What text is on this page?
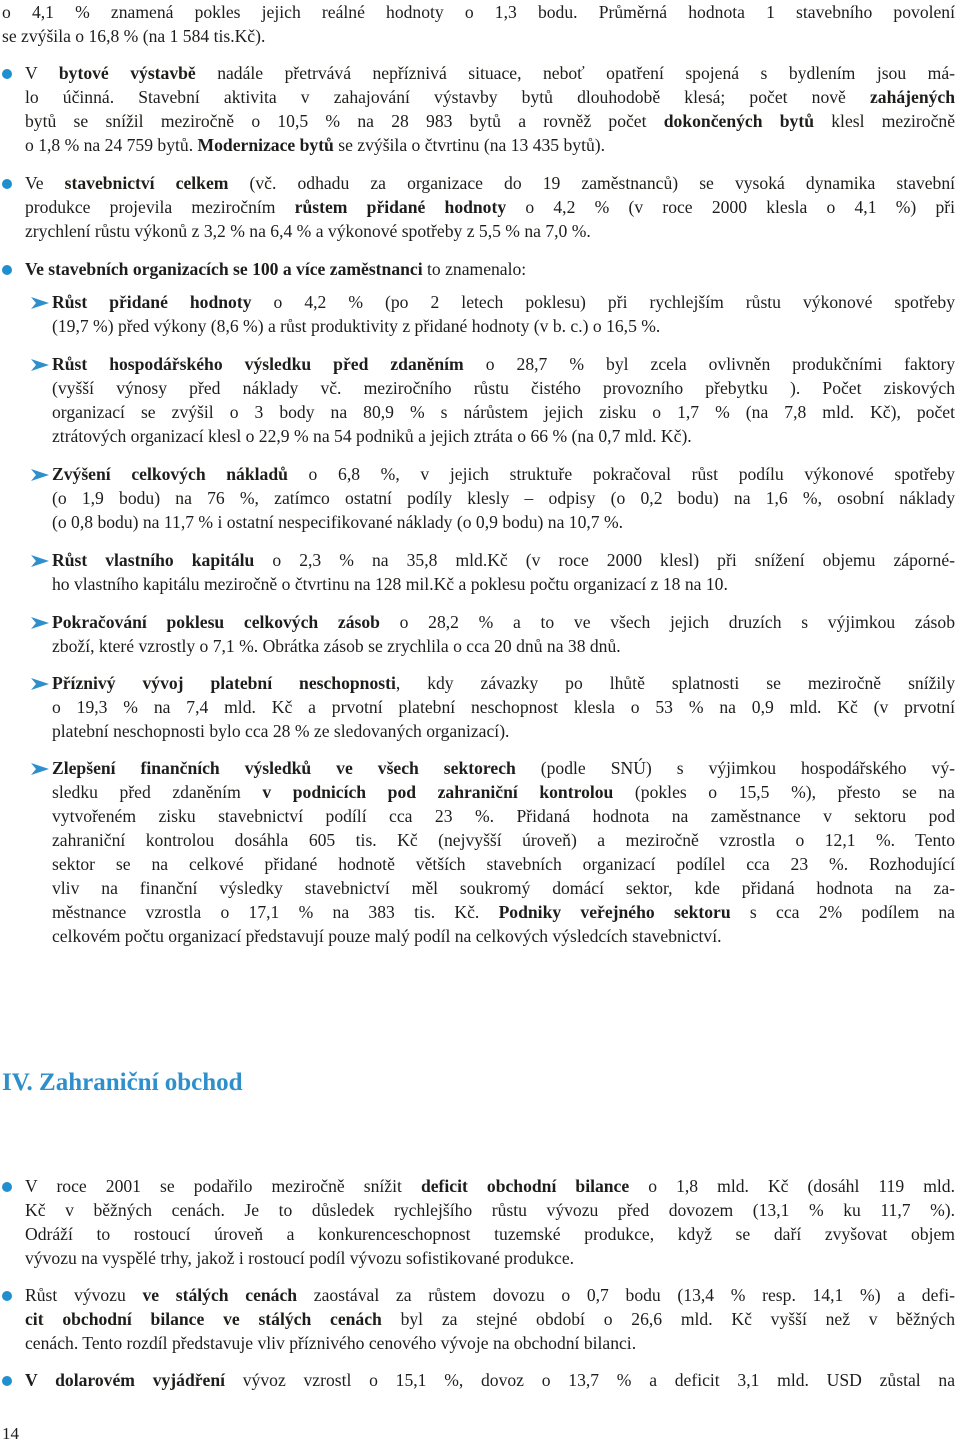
o 4,1 % znamená pokles jejich reálné hodnoty o 1,3 bodu. Průměrná hodnota 1 stavebního povolení
se zvýšila o 16,8 % (na 1 584 tis.Kč).
V bytové výstavbě nadále přetrvává nepříznivá situace, neboť opatření spojená s bydlením jsou má-
lo účinná. Stavební aktivita v zahajování výstavby bytů dlouhodobě klesá; počet nově zahájených
bytů se snížil meziročně o 10,5 % na 28 983 bytů a rovněž počet dokončených bytů klesl meziročně
o 1,8 % na 24 759 bytů. Modernizace bytů se zvýšila o čtvrtinu (na 13 435 bytů).
Ve stavebnictví celkem (vč. odhadu za organizace do 19 zaměstnanců) se vysoká dynamika stavební
produkce projevila meziročním růstem přidané hodnoty o 4,2 % (v roce 2000 klesla o 4,1 %) při
zrychlení růstu výkonů z 3,2 % na 6,4 % a výkonové spotřeby z 5,5 % na 7,0 %.
Ve stavebních organizacích se 100 a více zaměstnanci to znamenalo:
Růst přidané hodnoty o 4,2 % (po 2 letech poklesu) při rychlejším růstu výkonové spotřeby
(19,7 %) před výkony (8,6 %) a růst produktivity z přidané hodnoty (v b. c.) o 16,5 %.
Růst hospodářského výsledku před zdaněním o 28,7 % byl zcela ovlivněn produkčními faktory
(vyšší výnosy před náklady vč. meziročního růstu čistého provozního přebytku ). Počet ziskových
organizací se zvýšil o 3 body na 80,9 % s nárůstem jejich zisku o 1,7 % (na 7,8 mld. Kč), počet
ztrátových organizací klesl o 22,9 % na 54 podniků a jejich ztráta o 66 % (na 0,7 mld. Kč).
Zvýšení celkových nákladů o 6,8 %, v jejich struktuře pokračoval růst podílu výkonové spotřeby
(o 1,9 bodu) na 76 %, zatímco ostatní podíly klesly – odpisy (o 0,2 bodu) na 1,6 %, osobní náklady
(o 0,8 bodu) na 11,7 % i ostatní nespecifikované náklady (o 0,9 bodu) na 10,7 %.
Růst vlastního kapitálu o 2,3 % na 35,8 mld.Kč (v roce 2000 klesl) při snížení objemu záporné-
ho vlastního kapitálu meziročně o čtvrtinu na 128 mil.Kč a poklesu počtu organizací z 18 na 10.
Pokračování poklesu celkových zásob o 28,2 % a to ve všech jejich druzích s výjimkou zásob
zboží, které vzrostly o 7,1 %. Obrátka zásob se zrychlila o cca 20 dnů na 38 dnů.
Příznivý vývoj platební neschopnosti, kdy závazky po lhůtě splatnosti se meziročně snížily
o 19,3 % na 7,4 mld. Kč a prvotní platební neschopnost klesla o 53 % na 0,9 mld. Kč (v prvotní
platební neschopnosti bylo cca 28 % ze sledovaných organizací).
Zlepšení finančních výsledků ve všech sektorech (podle SNÚ) s výjimkou hospodářského vý-
sledku před zdaněním v podnicích pod zahraniční kontrolou (pokles o 15,5 %), přesto se na
vytvořeném zisku stavebnictví podílí cca 23 %. Přidaná hodnota na zaměstnance v sektoru pod
zahraniční kontrolou dosáhla 605 tis. Kč (nejvyšší úroveň) a meziročně vzrostla o 12,1 %. Tento
sektor se na celkové přidané hodnotě větších stavebních organizací podílel cca 23 %. Rozhodující
vliv na finanční výsledky stavebnictví měl soukromý domácí sektor, kde přidaná hodnota na za-
městnance vzrostla o 17,1 % na 383 tis. Kč. Podniky veřejného sektoru s cca 2% podílem na
celkovém počtu organizací představují pouze malý podíl na celkových výsledcích stavebnictví.
IV. Zahraniční obchod
V roce 2001 se podařilo meziročně snížit deficit obchodní bilance o 1,8 mld. Kč (dosáhl 119 mld.
Kč v běžných cenách. Je to důsledek rychlejšího růstu vývozu před dovozem (13,1 % ku 11,7 %).
Odráží to rostoucí úroveň a konkurenceschopnost tuzemské produkce, když se daří zvyšovat objem
vývozu na vyspělé trhy, jakož i rostoucí podíl vývozu sofistikované produkce.
Růst vývozu ve stálých cenách zaostával za růstem dovozu o 0,7 bodu (13,4 % resp. 14,1 %) a defi-
cit obchodní bilance ve stálých cenách byl za stejné období o 26,6 mld. Kč vyšší než v běžných
cenách. Tento rozdíl představuje vliv příznivého cenového vývoje na obchodní bilanci.
V dolarovém vyjádření vývoz vzrostl o 15,1 %, dovoz o 13,7 % a deficit 3,1 mld. USD zůstal na
14
